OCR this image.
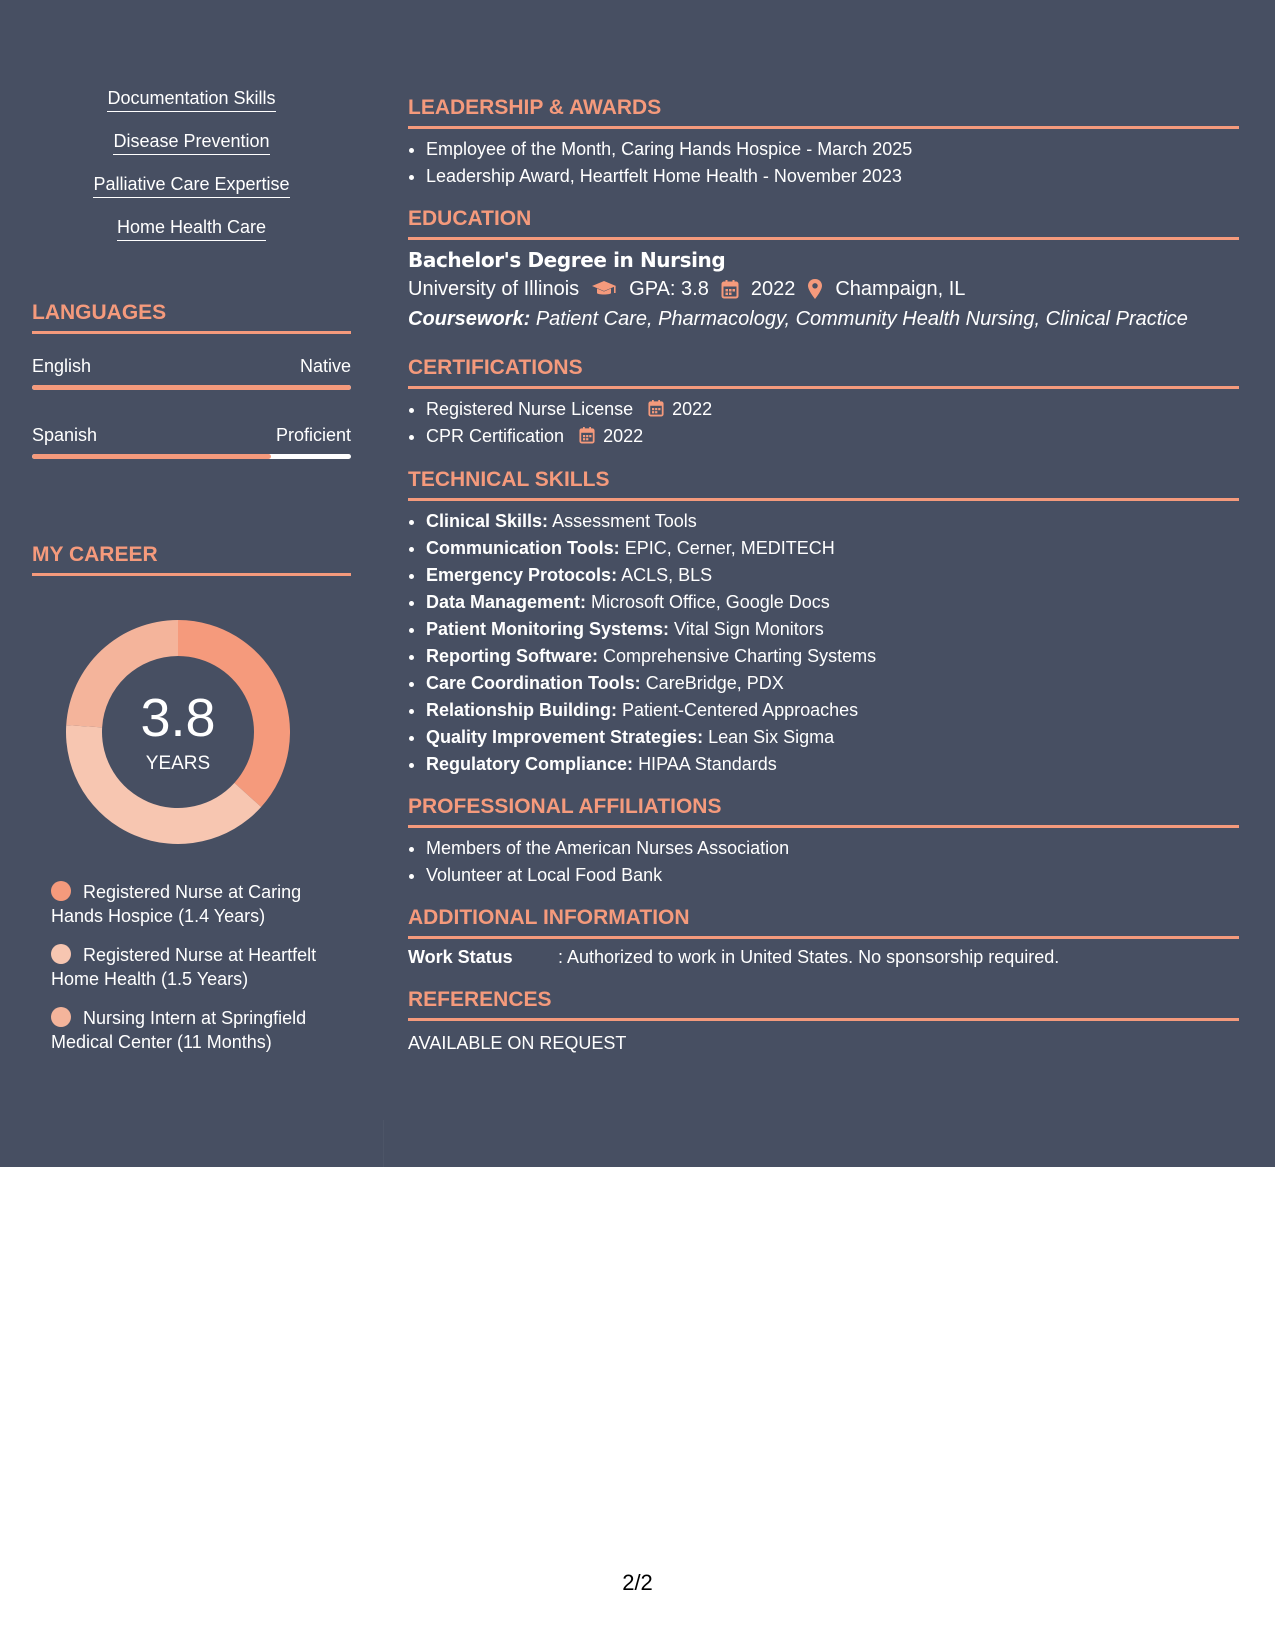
Documentation Skills
Disease Prevention
Palliative Care Expertise
Home Health Care
LANGUAGES
English	Native
Spanish	Proficient
MY CAREER
3.8
YEARS
Registered Nurse at Caring Hands Hospice (1.4 Years)
Registered Nurse at Heartfelt Home Health (1.5 Years)
Nursing Intern at Springfield Medical Center (11 Months)
LEADERSHIP & AWARDS
• Employee of the Month, Caring Hands Hospice - March 2025
• Leadership Award, Heartfelt Home Health - November 2023
EDUCATION
Bachelor's Degree in Nursing
University of Illinois	GPA: 3.8 2022 Champaign, IL
Coursework: Patient Care, Pharmacology, Community Health Nursing, Clinical Practice
CERTIFICATIONS
• Registered Nurse License 2022
• CPR Certification 2022
TECHNICAL SKILLS
• Clinical Skills: Assessment Tools
• Communication Tools: EPIC, Cerner, MEDITECH
• Emergency Protocols: ACLS, BLS
• Data Management: Microsoft Office, Google Docs
• Patient Monitoring Systems: Vital Sign Monitors
• Reporting Software: Comprehensive Charting Systems
• Care Coordination Tools: CareBridge, PDX
• Relationship Building: Patient-Centered Approaches
• Quality Improvement Strategies: Lean Six Sigma
• Regulatory Compliance: HIPAA Standards
PROFESSIONAL AFFILIATIONS
• Members of the American Nurses Association
• Volunteer at Local Food Bank
ADDITIONAL INFORMATION
Work Status	: Authorized to work in United States. No sponsorship required.
REFERENCES
AVAILABLE ON REQUEST
2/2
